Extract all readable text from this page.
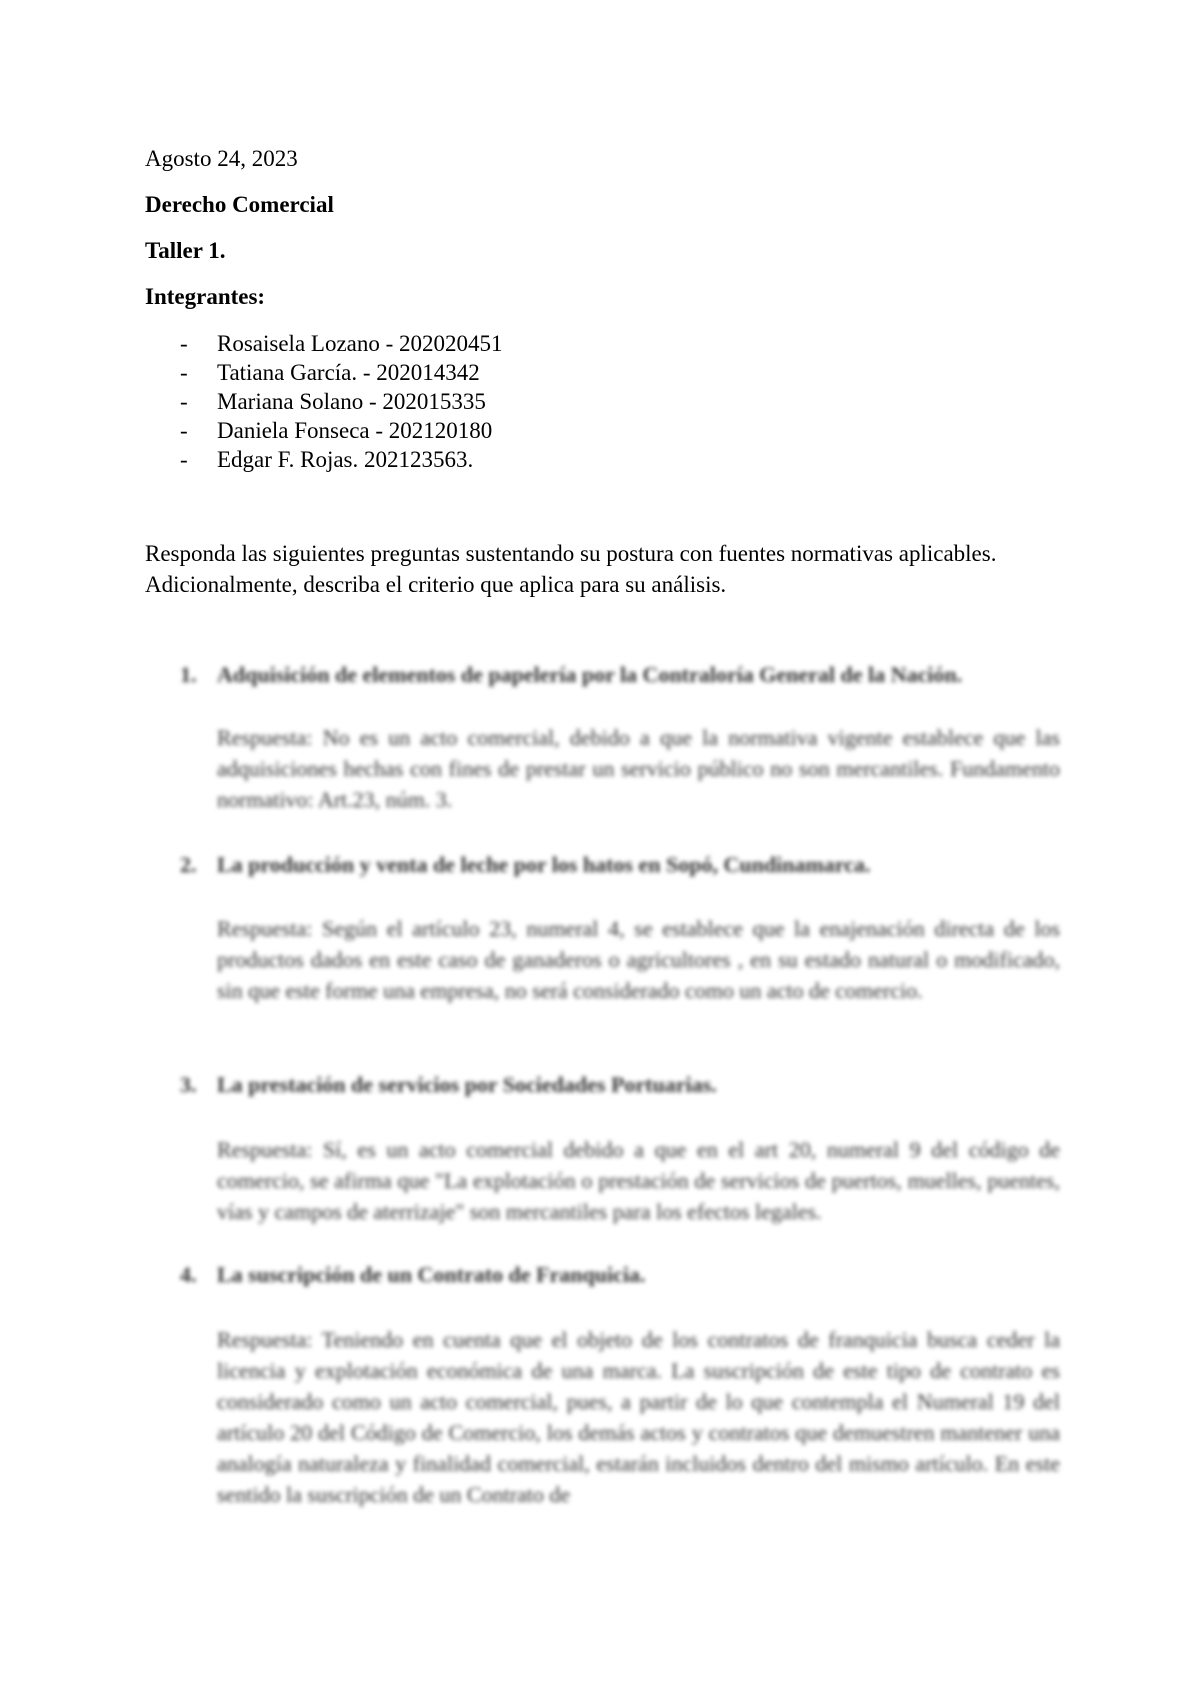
Agosto 24, 2023
Derecho Comercial
Taller 1.
Integrantes:
-	Rosaisela Lozano - 202020451
-	Tatiana García. - 202014342
-	Mariana Solano - 202015335
-	Daniela Fonseca - 202120180
-	Edgar F. Rojas. 202123563.

Responda las siguientes preguntas sustentando su postura con fuentes normativas aplicables.

Adicionalmente, describa el criterio que aplica para su análisis.

1. Adquisición de elementos de papelería por la Contraloría General de la Nación.

Respuesta: No es un acto comercial, debido a que la normativa vigente establece que las adquisiciones hechas con fines de prestar un servicio público no son mercantiles. Fundamento normativo: Art.23, núm. 3.

2. La producción y venta de leche por los hatos en Sopó, Cundinamarca.

Respuesta: Según el artículo 23, numeral 4, se establece que la enajenación directa de los productos dados en este caso de ganaderos o agricultores , en su estado natural o modificado, sin que este forme una empresa, no será considerado como un acto de comercio.

3. La prestación de servicios por Sociedades Portuarias.

Respuesta: Sí, es un acto comercial debido a que en el art 20, numeral 9 del código de comercio, se afirma que "La explotación o prestación de servicios de puertos, muelles, puentes, vías y campos de aterrizaje" son mercantiles para los efectos legales.

4. La suscripción de un Contrato de Franquicia.

Respuesta: Teniendo en cuenta que el objeto de los contratos de franquicia busca ceder la licencia y explotación económica de una marca. La suscripción de este tipo de contrato es considerado como un acto comercial, pues, a partir de lo que contempla el Numeral 19 del artículo 20 del Código de Comercio, los demás actos y contratos que demuestren mantener una analogía naturaleza y finalidad comercial, estarán incluidos dentro del mismo artículo. En este sentido la suscripción de un Contrato de
